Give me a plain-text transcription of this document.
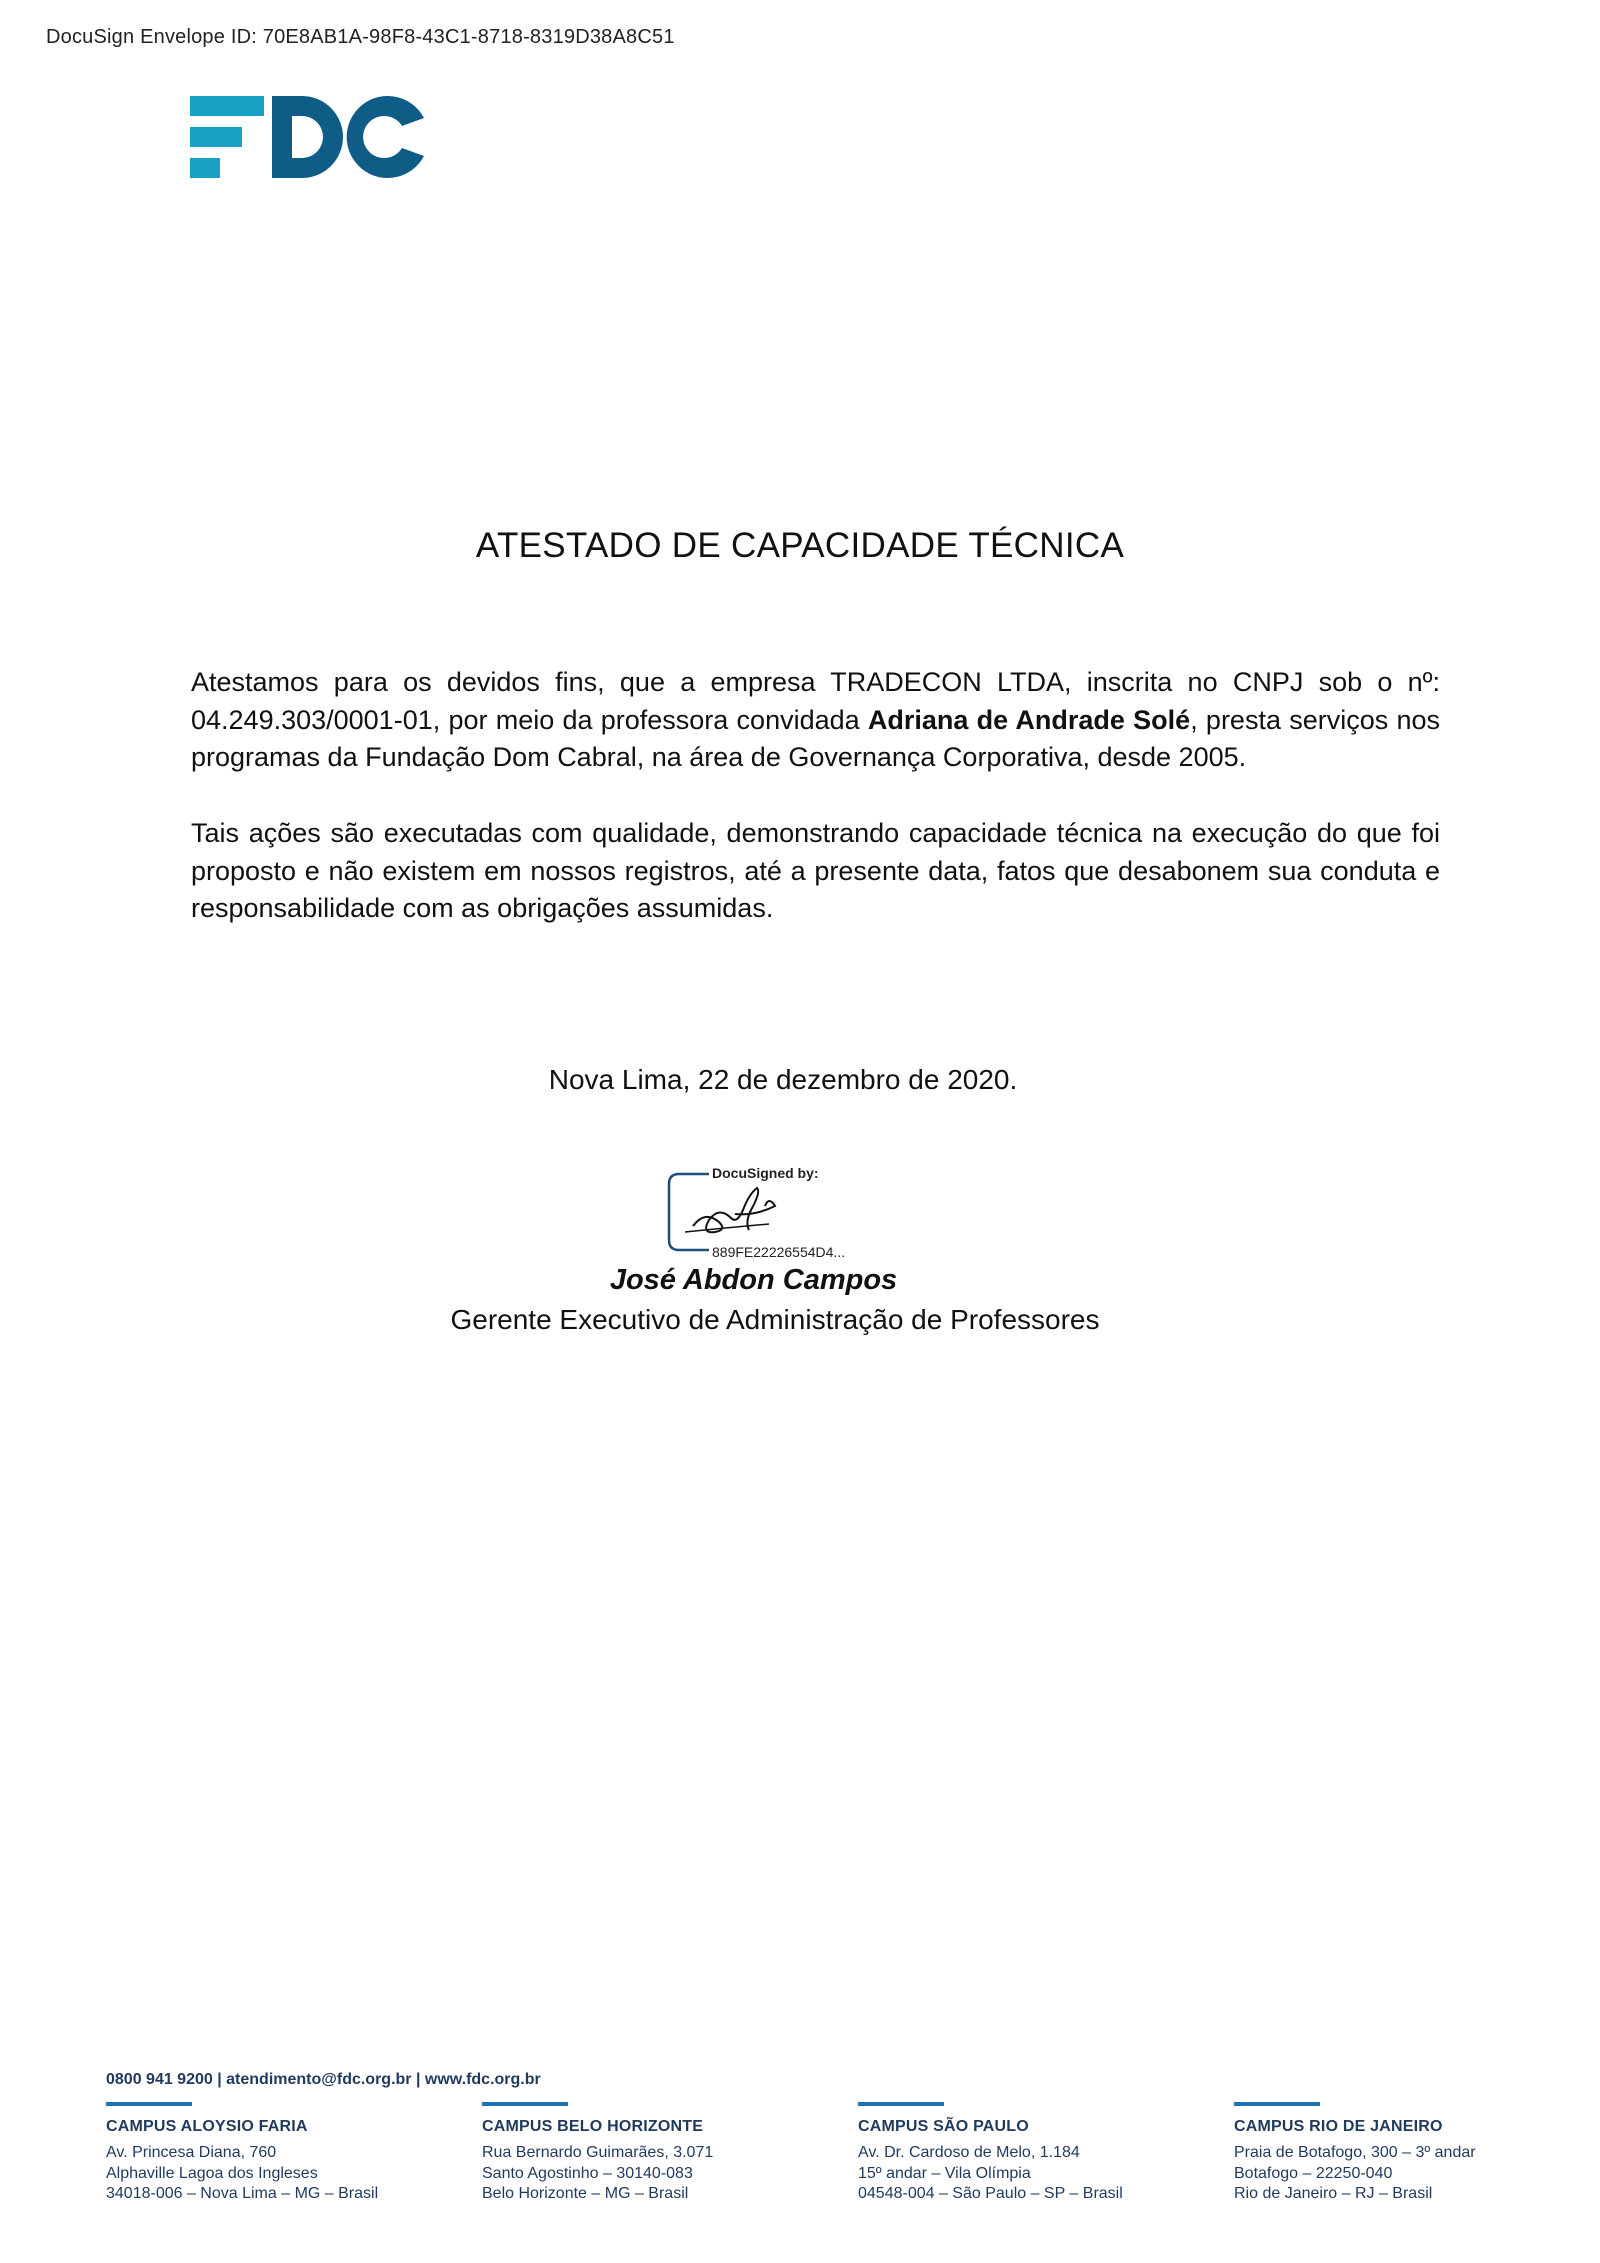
DocuSign Envelope ID: 70E8AB1A-98F8-43C1-8718-8319D38A8C51
ATESTADO DE CAPACIDADE TÉCNICA

Atestamos para os devidos fins, que a empresa TRADECON LTDA, inscrita no CNPJ sob o nº: 04.249.303/0001-01, por meio da professora convidada Adriana de Andrade Solé, presta serviços nos programas da Fundação Dom Cabral, na área de Governança Corporativa, desde 2005.

Tais ações são executadas com qualidade, demonstrando capacidade técnica na execução do que foi proposto e não existem em nossos registros, até a presente data, fatos que desabonem sua conduta e responsabilidade com as obrigações assumidas.

Nova Lima, 22 de dezembro de 2020.
DocuSigned by:
889FE22226554D4...
José Abdon Campos
Gerente Executivo de Administração de Professores
0800 941 9200 | atendimento@fdc.org.br | www.fdc.org.br
CAMPUS ALOYSIO FARIA
Av. Princesa Diana, 760
Alphaville Lagoa dos Ingleses
34018-006 – Nova Lima – MG – Brasil
CAMPUS BELO HORIZONTE
Rua Bernardo Guimarães, 3.071
Santo Agostinho – 30140-083
Belo Horizonte – MG – Brasil
CAMPUS SÃO PAULO
Av. Dr. Cardoso de Melo, 1.184
15º andar – Vila Olímpia
04548-004 – São Paulo – SP – Brasil
CAMPUS RIO DE JANEIRO
Praia de Botafogo, 300 – 3º andar
Botafogo – 22250-040
Rio de Janeiro – RJ – Brasil
